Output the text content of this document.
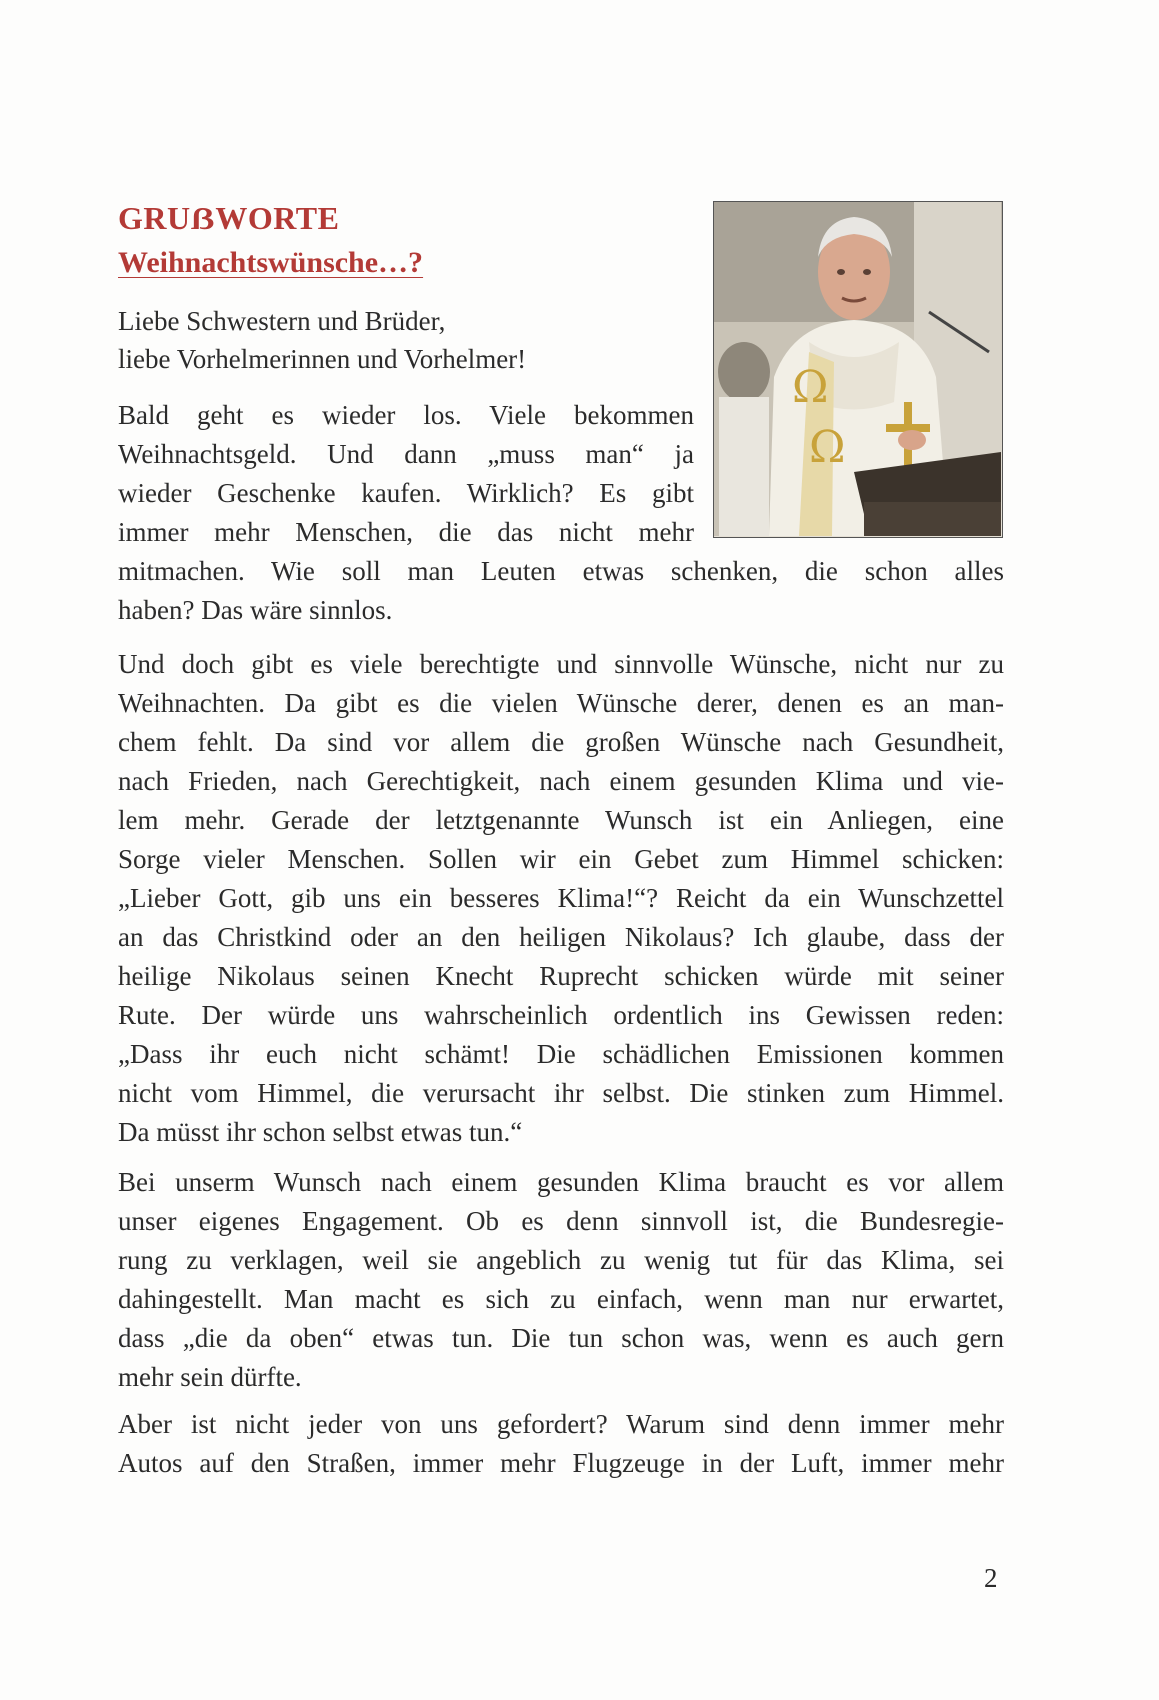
GRUẞWORTE
Weihnachtswünsche…?
Ω
Ω

Liebe Schwestern und Brüder,
liebe Vorhelmerinnen und Vorhelmer!

Bald geht es wieder los. Viele bekommen
Weihnachtsgeld. Und dann „muss man“ ja
wieder Geschenke kaufen. Wirklich? Es gibt
immer mehr Menschen, die das nicht mehr

mitmachen. Wie soll man Leuten etwas schenken, die schon alles
haben? Das wäre sinnlos.

Und doch gibt es viele berechtigte und sinnvolle Wünsche, nicht nur zu
Weihnachten. Da gibt es die vielen Wünsche derer, denen es an man-
chem fehlt. Da sind vor allem die großen Wünsche nach Gesundheit,
nach Frieden, nach Gerechtigkeit, nach einem gesunden Klima und vie-
lem mehr. Gerade der letztgenannte Wunsch ist ein Anliegen, eine
Sorge vieler Menschen. Sollen wir ein Gebet zum Himmel schicken:
„Lieber Gott, gib uns ein besseres Klima!“? Reicht da ein Wunschzettel
an das Christkind oder an den heiligen Nikolaus? Ich glaube, dass der
heilige Nikolaus seinen Knecht Ruprecht schicken würde mit seiner
Rute. Der würde uns wahrscheinlich ordentlich ins Gewissen reden:
„Dass ihr euch nicht schämt! Die schädlichen Emissionen kommen
nicht vom Himmel, die verursacht ihr selbst. Die stinken zum Himmel.
Da müsst ihr schon selbst etwas tun.“

Bei unserm Wunsch nach einem gesunden Klima braucht es vor allem
unser eigenes Engagement. Ob es denn sinnvoll ist, die Bundesregie-
rung zu verklagen, weil sie angeblich zu wenig tut für das Klima, sei
dahingestellt. Man macht es sich zu einfach, wenn man nur erwartet,
dass „die da oben“ etwas tun. Die tun schon was, wenn es auch gern
mehr sein dürfte.

Aber ist nicht jeder von uns gefordert? Warum sind denn immer mehr
Autos auf den Straßen, immer mehr Flugzeuge in der Luft, immer mehr

2
